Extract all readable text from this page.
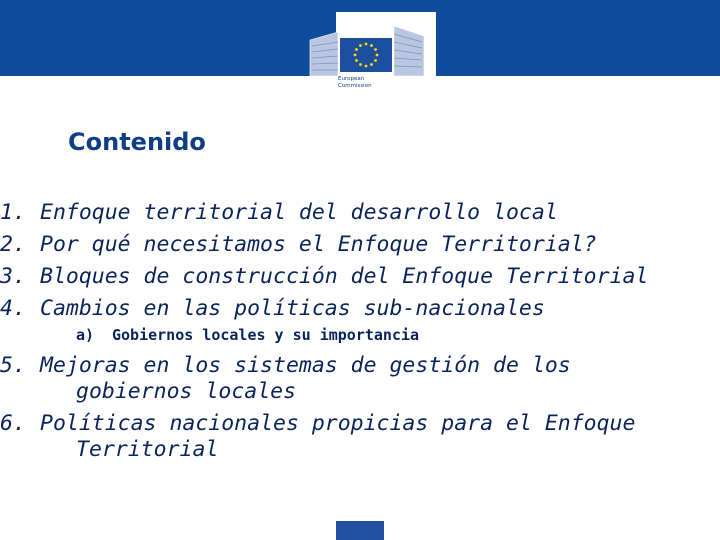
European
Commission
Contenido
1. Enfoque territorial del desarrollo local
2. Por qué necesitamos el Enfoque Territorial?
3. Bloques de construcción del Enfoque Territorial
4. Cambios en las políticas sub-nacionales
a) Gobiernos locales y su importancia
5. Mejoras en los sistemas de gestión de los
gobiernos locales
6. Políticas nacionales propicias para el Enfoque
Territorial
